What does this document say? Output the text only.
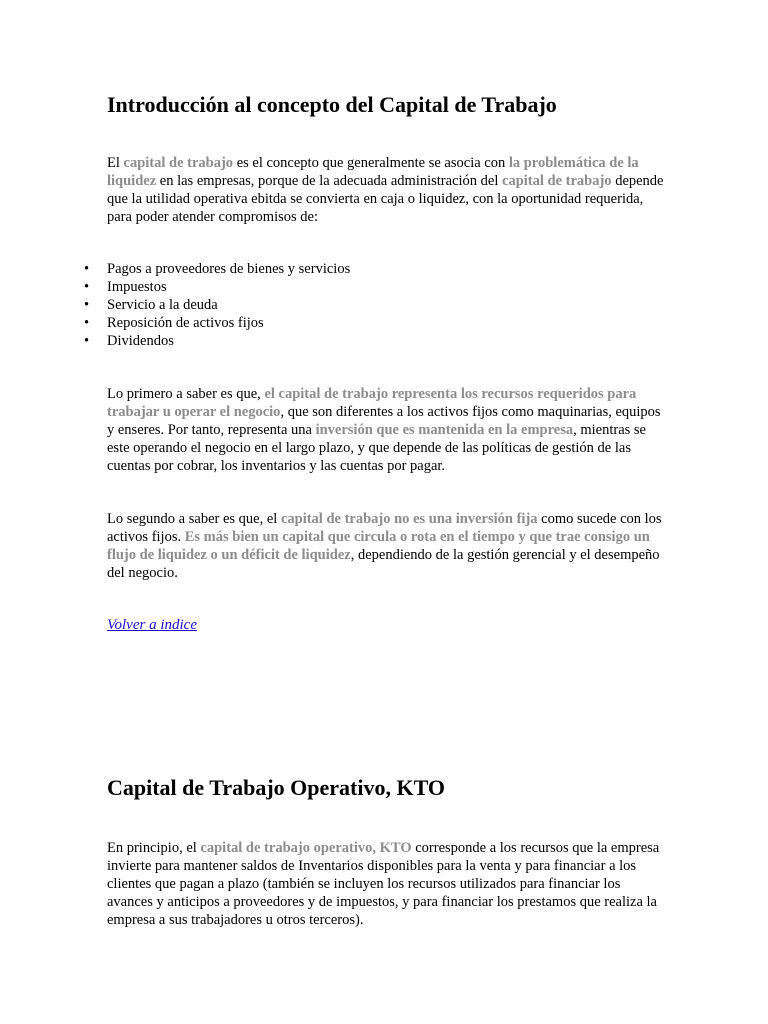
Introducción al concepto del Capital de Trabajo

El capital de trabajo es el concepto que generalmente se asocia con la problemática de la liquidez en las empresas, porque de la adecuada administración del capital de trabajo depende que la utilidad operativa ebitda se convierta en caja o liquidez, con la oportunidad requerida, para poder atender compromisos de:

• Pagos a proveedores de bienes y servicios
• Impuestos
• Servicio a la deuda
• Reposición de activos fijos
• Dividendos

Lo primero a saber es que, el capital de trabajo representa los recursos requeridos para trabajar u operar el negocio, que son diferentes a los activos fijos como maquinarias, equipos y enseres. Por tanto, representa una inversión que es mantenida en la empresa, mientras se este operando el negocio en el largo plazo, y que depende de las políticas de gestión de las cuentas por cobrar, los inventarios y las cuentas por pagar.

Lo segundo a saber es que, el capital de trabajo no es una inversión fija como sucede con los activos fijos. Es más bien un capital que circula o rota en el tiempo y que trae consigo un flujo de liquidez o un déficit de liquidez, dependiendo de la gestión gerencial y el desempeño del negocio.

Volver a indice
Capital de Trabajo Operativo, KTO

En principio, el capital de trabajo operativo, KTO corresponde a los recursos que la empresa invierte para mantener saldos de Inventarios disponibles para la venta y para financiar a los clientes que pagan a plazo (también se incluyen los recursos utilizados para financiar los avances y anticipos a proveedores y de impuestos, y para financiar los prestamos que realiza la empresa a sus trabajadores u otros terceros).
